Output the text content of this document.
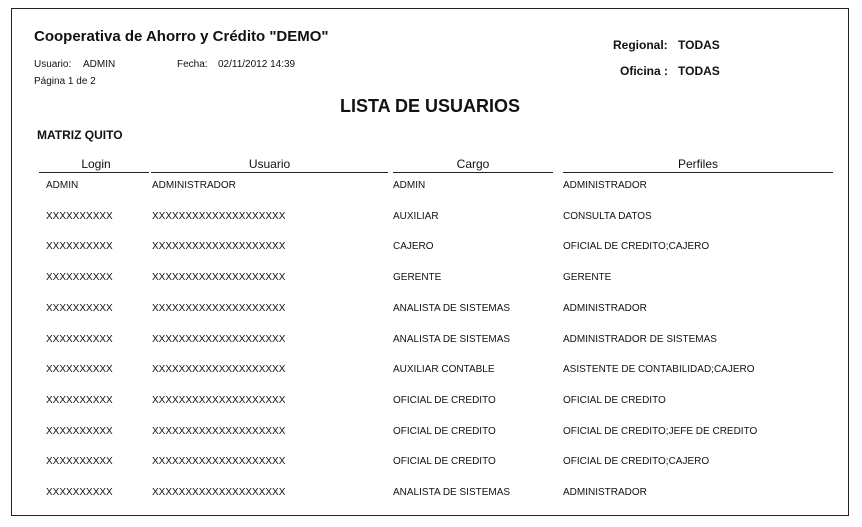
Cooperativa de Ahorro y Crédito "DEMO"
Usuario: ADMIN	Fecha: 02/11/2012 14:39
Página 1 de 2
Regional: TODAS
Oficina : TODAS
LISTA DE USUARIOS
MATRIZ QUITO
Login	Usuario	Cargo	Perfiles
ADMIN	ADMINISTRADOR	ADMIN	ADMINISTRADOR
XXXXXXXXXX	XXXXXXXXXXXXXXXXXXXX	AUXILIAR	CONSULTA DATOS
XXXXXXXXXX	XXXXXXXXXXXXXXXXXXXX	CAJERO	OFICIAL DE CREDITO;CAJERO
XXXXXXXXXX	XXXXXXXXXXXXXXXXXXXX	GERENTE	GERENTE
XXXXXXXXXX	XXXXXXXXXXXXXXXXXXXX	ANALISTA DE SISTEMAS	ADMINISTRADOR
XXXXXXXXXX	XXXXXXXXXXXXXXXXXXXX	ANALISTA DE SISTEMAS	ADMINISTRADOR DE SISTEMAS
XXXXXXXXXX	XXXXXXXXXXXXXXXXXXXX	AUXILIAR CONTABLE	ASISTENTE DE CONTABILIDAD;CAJERO
XXXXXXXXXX	XXXXXXXXXXXXXXXXXXXX	OFICIAL DE CREDITO	OFICIAL DE CREDITO
XXXXXXXXXX	XXXXXXXXXXXXXXXXXXXX	OFICIAL DE CREDITO	OFICIAL DE CREDITO;JEFE DE CREDITO
XXXXXXXXXX	XXXXXXXXXXXXXXXXXXXX	OFICIAL DE CREDITO	OFICIAL DE CREDITO;CAJERO
XXXXXXXXXX	XXXXXXXXXXXXXXXXXXXX	ANALISTA DE SISTEMAS	ADMINISTRADOR
